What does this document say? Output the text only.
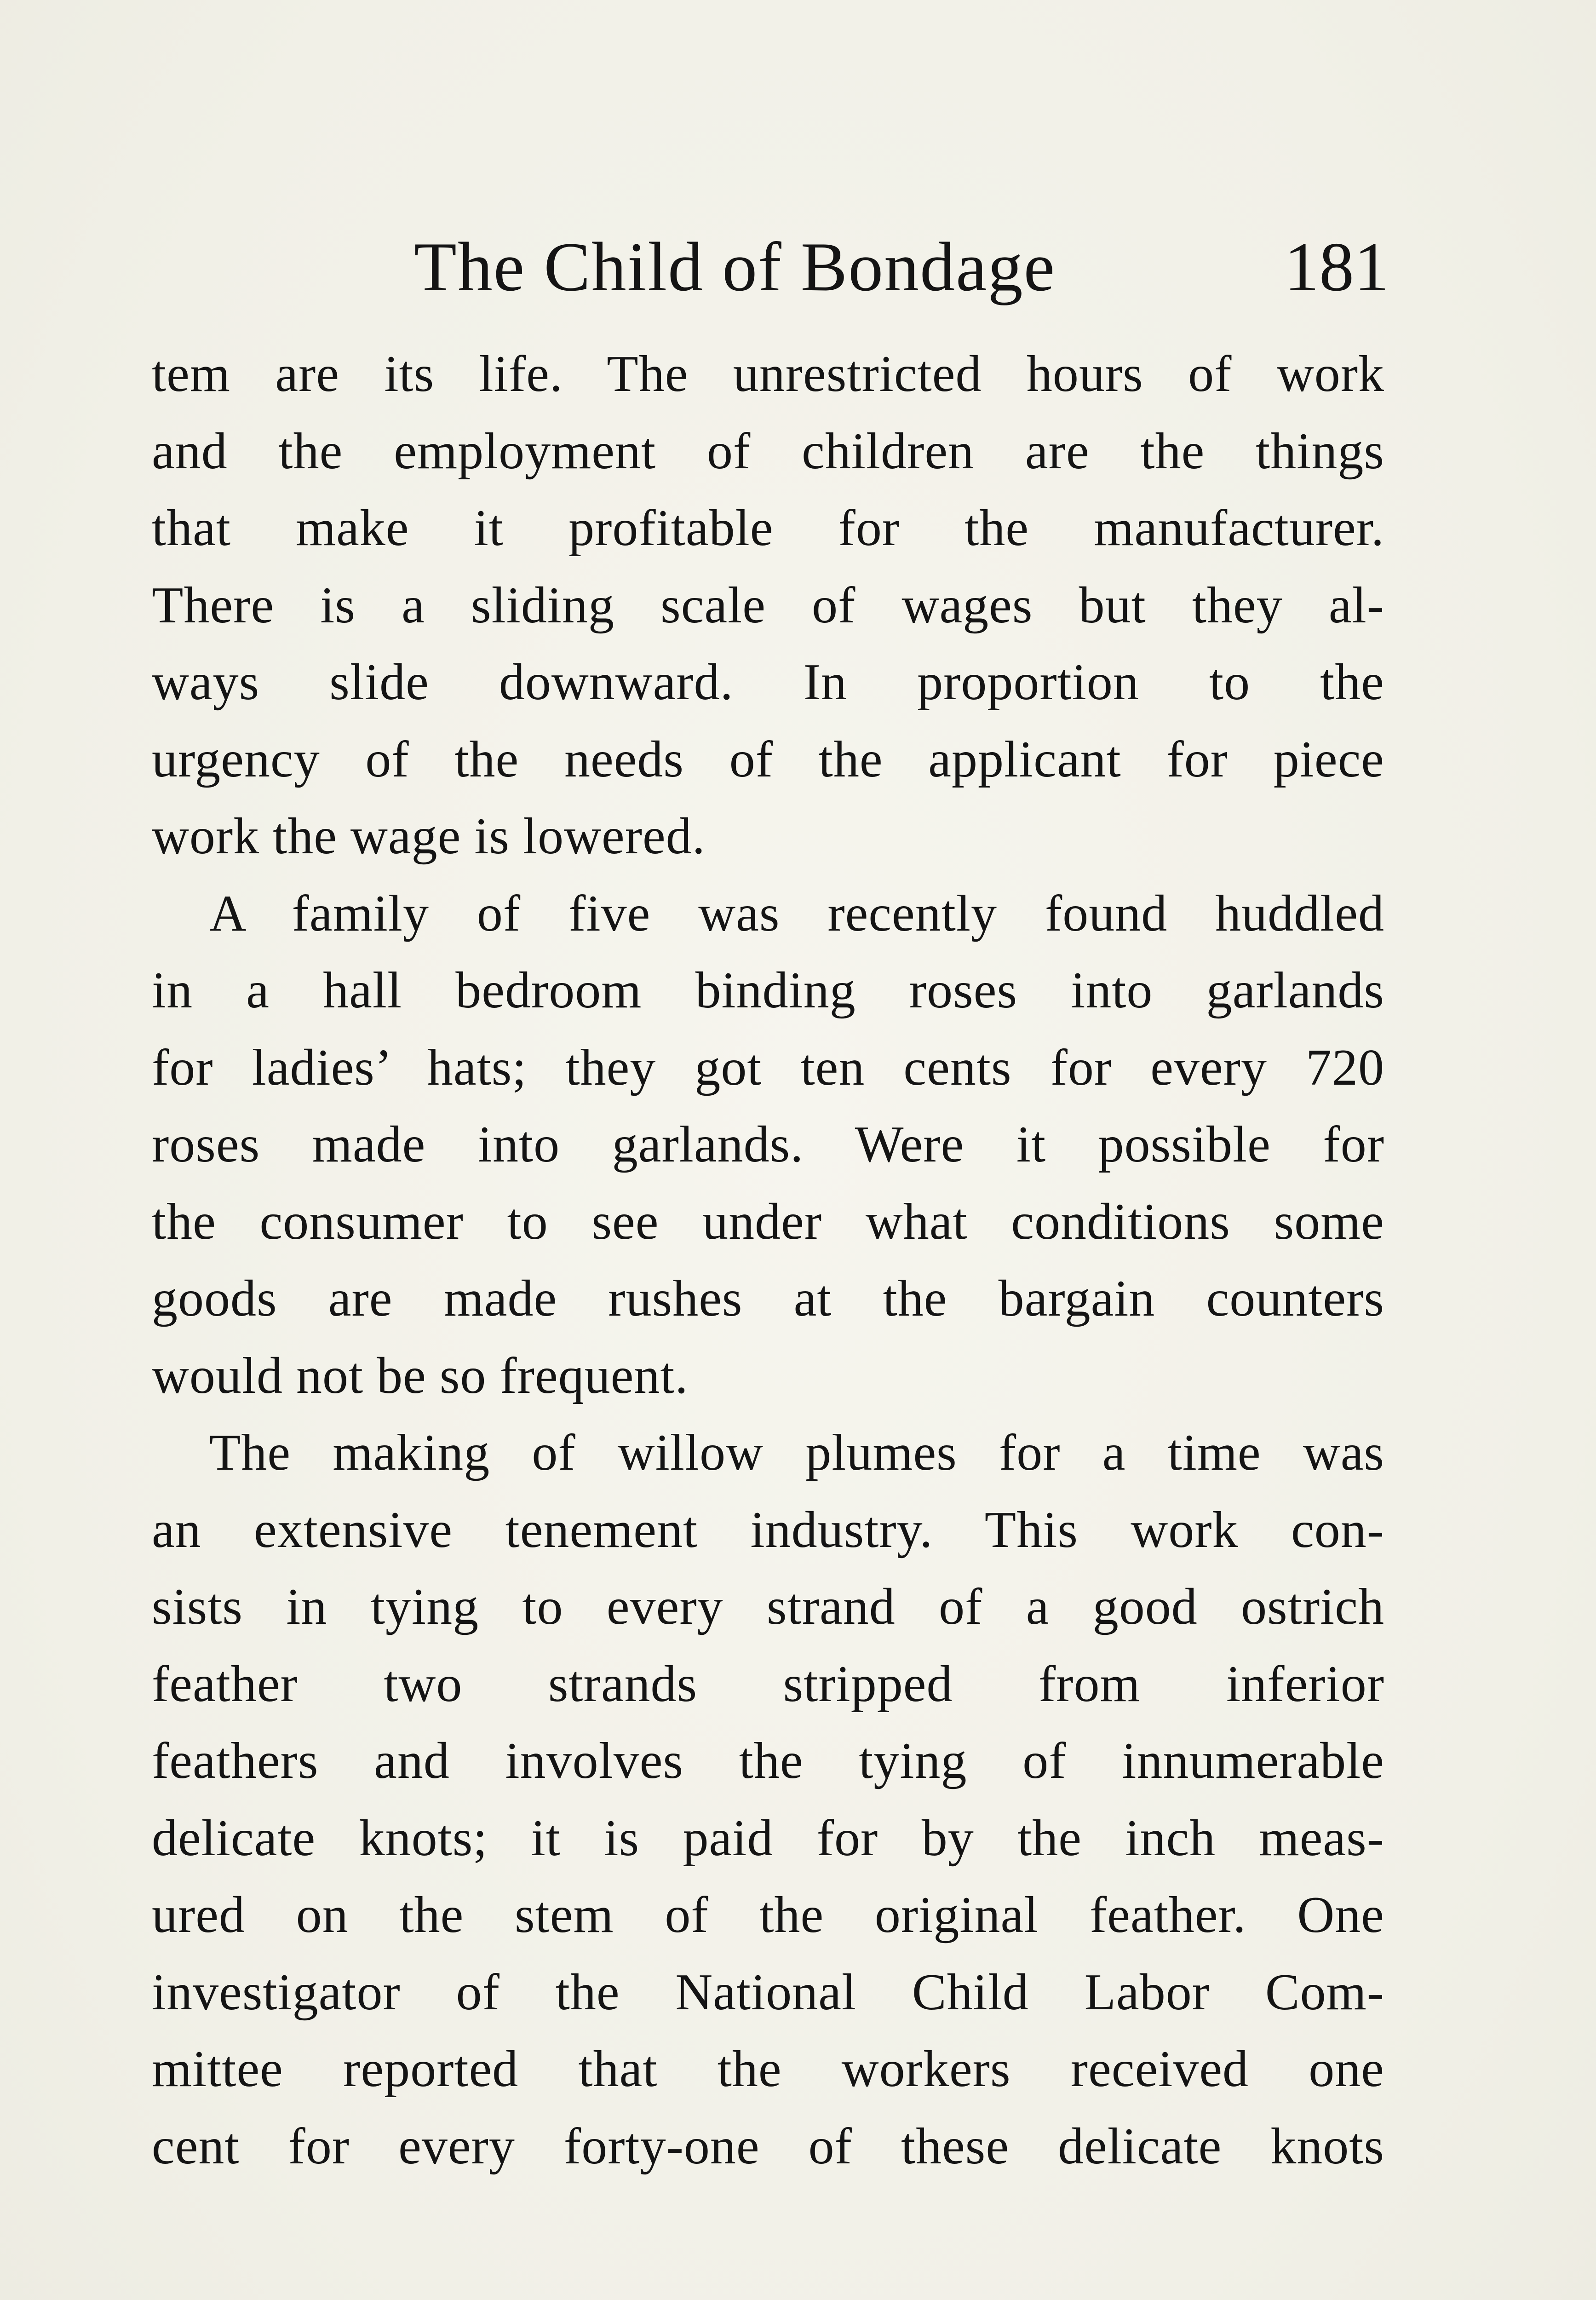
The Child of Bondage	181
tem are its life. The unrestricted hours of work
and the employment of children are the things
that make it profitable for the manufacturer.
There is a sliding scale of wages but they al-
ways slide downward. In proportion to the
urgency of the needs of the applicant for piece
work the wage is lowered.
A family of five was recently found huddled
in a hall bedroom binding roses into garlands
for ladies’ hats; they got ten cents for every 720
roses made into garlands. Were it possible for
the consumer to see under what conditions some
goods are made rushes at the bargain counters
would not be so frequent.
The making of willow plumes for a time was
an extensive tenement industry. This work con-
sists in tying to every strand of a good ostrich
feather two strands stripped from inferior
feathers and involves the tying of innumerable
delicate knots; it is paid for by the inch meas-
ured on the stem of the original feather. One
investigator of the National Child Labor Com-
mittee reported that the workers received one
cent for every forty-one of these delicate knots
